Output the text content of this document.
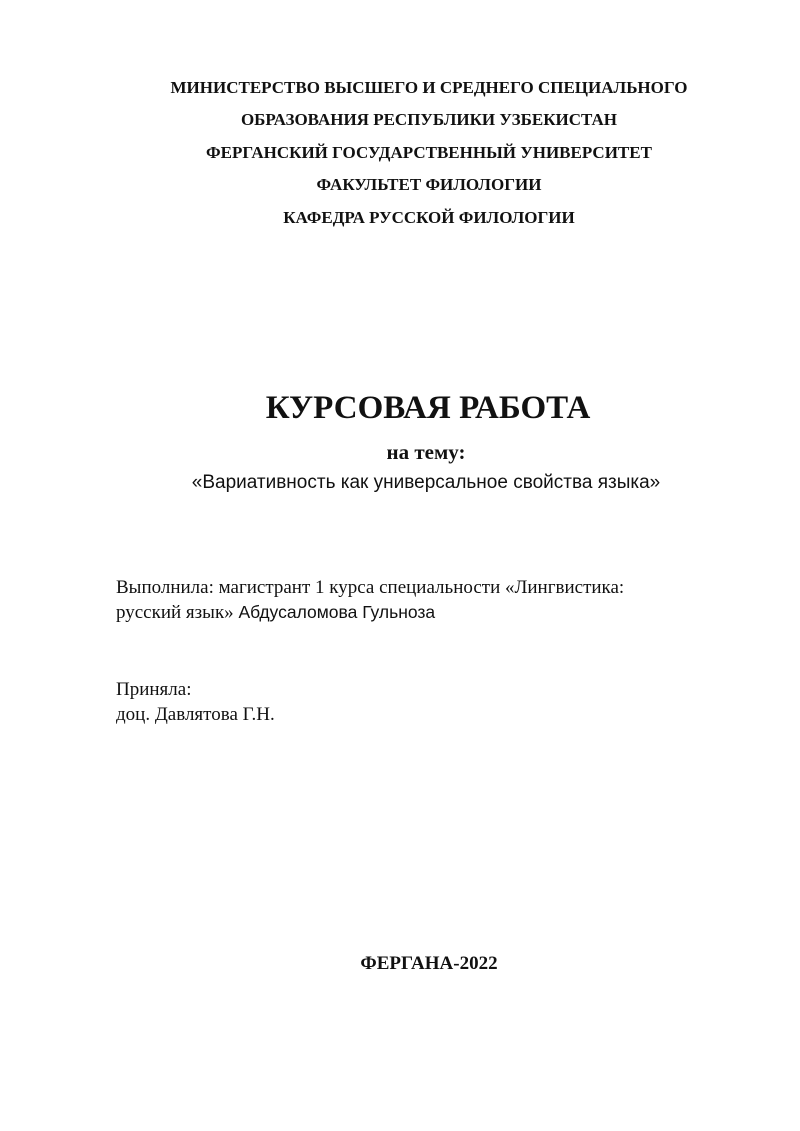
МИНИСТЕРСТВО ВЫСШЕГО И СРЕДНЕГО СПЕЦИАЛЬНОГО
ОБРАЗОВАНИЯ РЕСПУБЛИКИ УЗБЕКИСТАН
ФЕРГАНСКИЙ ГОСУДАРСТВЕННЫЙ УНИВЕРСИТЕТ
ФАКУЛЬТЕТ ФИЛОЛОГИИ
КАФЕДРА РУССКОЙ ФИЛОЛОГИИ
КУРСОВАЯ РАБОТА
на тему:
«Вариативность как универсальное свойства языка»
Выполнила: магистрант 1 курса специальности «Лингвистика:
русский язык» Абдусаломова Гульноза
Приняла:
доц. Давлятова Г.Н.
ФЕРГАНА-2022
